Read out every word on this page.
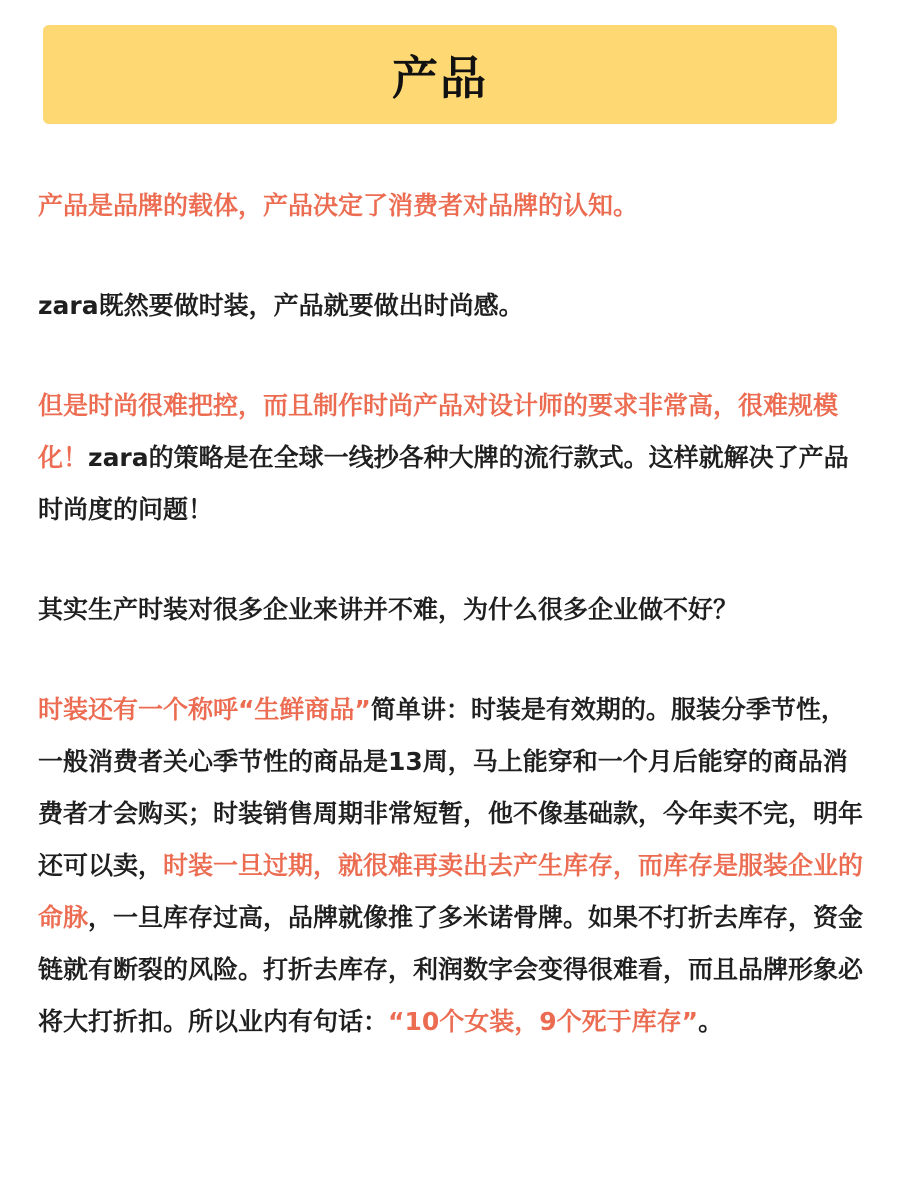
产品

产品是品牌的载体，产品决定了消费者对品牌的认知。

zara既然要做时装，产品就要做出时尚感。

但是时尚很难把控，而且制作时尚产品对设计师的要求非常高，很难规模化！zara的策略是在全球一线抄各种大牌的流行款式。这样就解决了产品时尚度的问题！

其实生产时装对很多企业来讲并不难，为什么很多企业做不好？

时装还有一个称呼“生鲜商品”简单讲：时装是有效期的。服装分季节性，一般消费者关心季节性的商品是13周，马上能穿和一个月后能穿的商品消费者才会购买；时装销售周期非常短暂，他不像基础款，今年卖不完，明年还可以卖，时装一旦过期，就很难再卖出去产生库存，而库存是服装企业的命脉，一旦库存过高，品牌就像推了多米诺骨牌。如果不打折去库存，资金链就有断裂的风险。打折去库存，利润数字会变得很难看，而且品牌形象必将大打折扣。所以业内有句话：“10个女装，9个死于库存”。
